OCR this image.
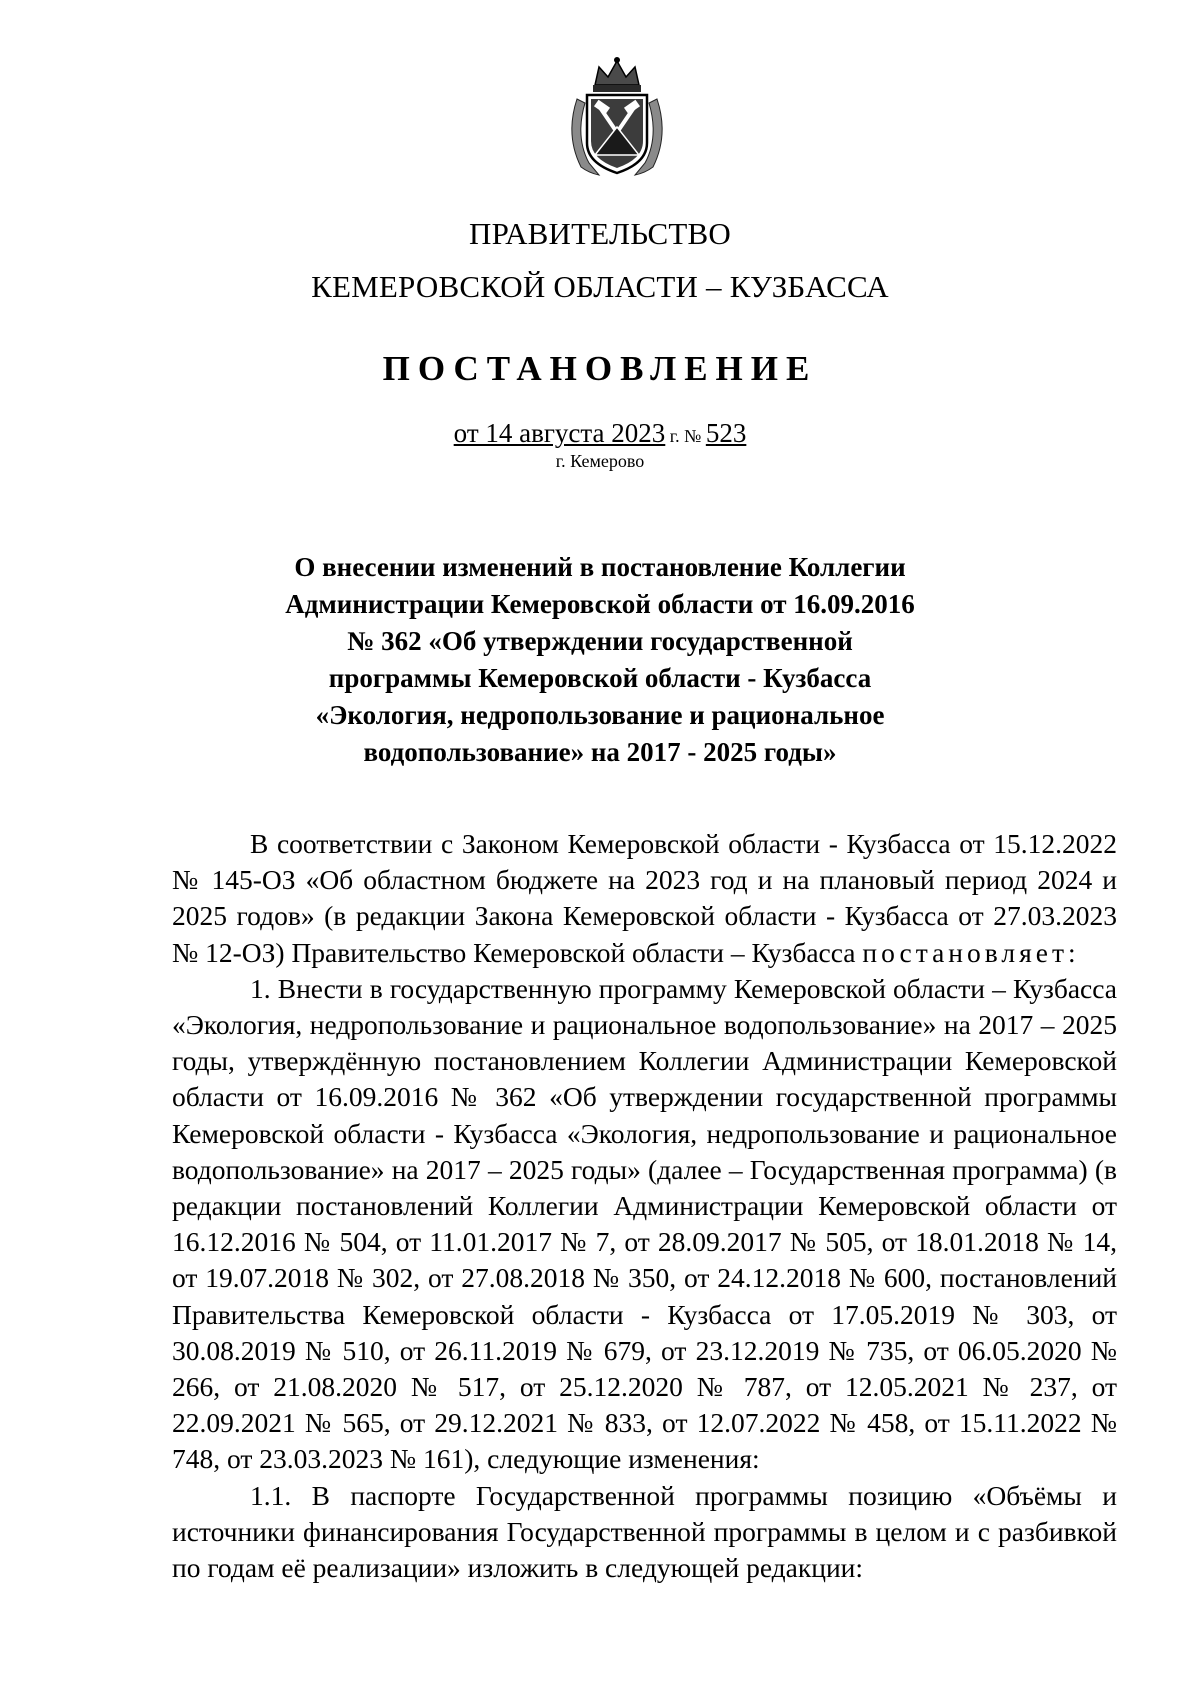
ПРАВИТЕЛЬСТВО
КЕМЕРОВСКОЙ ОБЛАСТИ – КУЗБАССА
ПОСТАНОВЛЕНИЕ
от 14 августа 2023 г. № 523
г. Кемерово
О внесении изменений в постановление Коллегии
Администрации Кемеровской области от 16.09.2016
№ 362 «Об утверждении государственной
программы Кемеровской области - Кузбасса
«Экология, недропользование и рациональное
водопользование» на 2017 - 2025 годы»

В соответствии с Законом Кемеровской области - Кузбасса от 15.12.2022 № 145-ОЗ «Об областном бюджете на 2023 год и на плановый период 2024 и 2025 годов» (в редакции Закона Кемеровской области - Кузбасса от 27.03.2023 № 12-ОЗ) Правительство Кемеровской области – Кузбасса постановляет:

1. Внести в государственную программу Кемеровской области – Кузбасса «Экология, недропользование и рациональное водопользование» на 2017 – 2025 годы, утверждённую постановлением Коллегии Администрации Кемеровской области от 16.09.2016 № 362 «Об утверждении государственной программы Кемеровской области - Кузбасса «Экология, недропользование и рациональное водопользование» на 2017 – 2025 годы» (далее – Государственная программа) (в редакции постановлений Коллегии Администрации Кемеровской области от 16.12.2016 № 504, от 11.01.2017 № 7, от 28.09.2017 № 505, от 18.01.2018 № 14, от 19.07.2018 № 302, от 27.08.2018 № 350, от 24.12.2018 № 600, постановлений Правительства Кемеровской области - Кузбасса от 17.05.2019 № 303, от 30.08.2019 № 510, от 26.11.2019 № 679, от 23.12.2019 № 735, от 06.05.2020 № 266, от 21.08.2020 № 517, от 25.12.2020 № 787, от 12.05.2021 № 237, от 22.09.2021 № 565, от 29.12.2021 № 833, от 12.07.2022 № 458, от 15.11.2022 № 748, от 23.03.2023 № 161), следующие изменения:

1.1. В паспорте Государственной программы позицию «Объёмы и источники финансирования Государственной программы в целом и с разбивкой по годам её реализации» изложить в следующей редакции:
